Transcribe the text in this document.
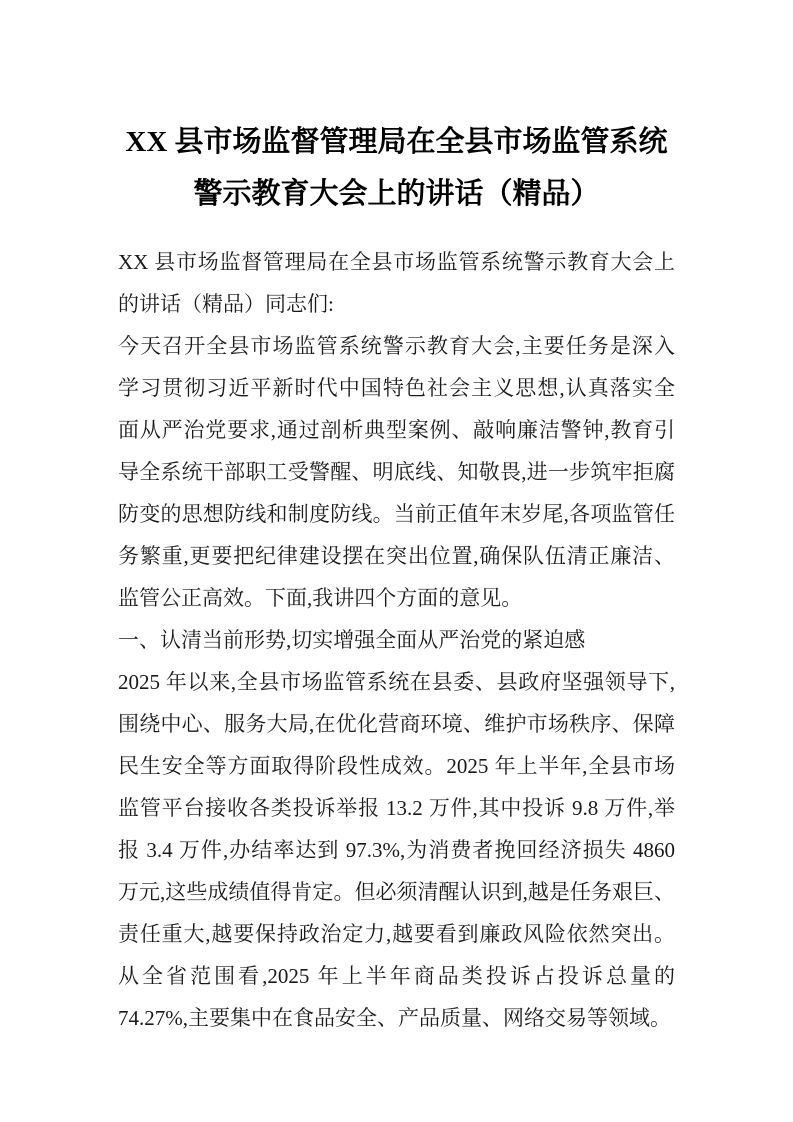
XX 县市场监督管理局在全县市场监管系统
警示教育大会上的讲话（精品）
XX 县市场监督管理局在全县市场监管系统警示教育大会上
的讲话（精品）同志们:
今天召开全县市场监管系统警示教育大会,主要任务是深入
学习贯彻习近平新时代中国特色社会主义思想,认真落实全
面从严治党要求,通过剖析典型案例、敲响廉洁警钟,教育引
导全系统干部职工受警醒、明底线、知敬畏,进一步筑牢拒腐
防变的思想防线和制度防线。当前正值年末岁尾,各项监管任
务繁重,更要把纪律建设摆在突出位置,确保队伍清正廉洁、
监管公正高效。下面,我讲四个方面的意见。
一、认清当前形势,切实增强全面从严治党的紧迫感
2025 年以来,全县市场监管系统在县委、县政府坚强领导下,
围绕中心、服务大局,在优化营商环境、维护市场秩序、保障
民生安全等方面取得阶段性成效。2025 年上半年,全县市场
监管平台接收各类投诉举报 13.2 万件,其中投诉 9.8 万件,举
报 3.4 万件,办结率达到 97.3%,为消费者挽回经济损失 4860
万元,这些成绩值得肯定。但必须清醒认识到,越是任务艰巨、
责任重大,越要保持政治定力,越要看到廉政风险依然突出。
从全省范围看,2025 年上半年商品类投诉占投诉总量的
74.27%,主要集中在食品安全、产品质量、网络交易等领域。
